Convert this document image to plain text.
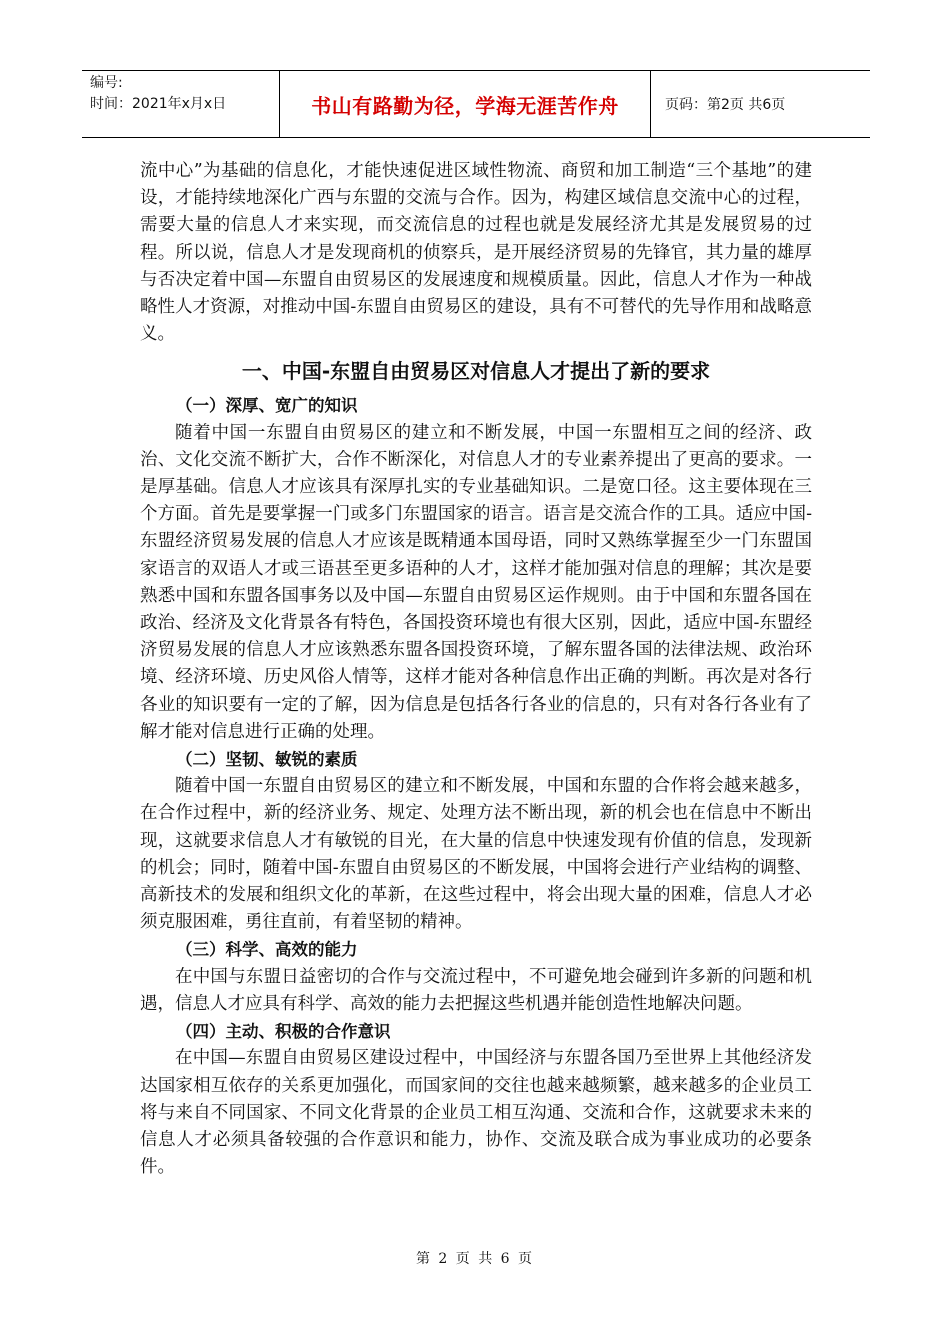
编号:
时间：2021年x月x日	书山有路勤为径，学海无涯苦作舟	页码：第2页 共6页

流中心”为基础的信息化，才能快速促进区域性物流、商贸和加工制造“三个基地”的建设，才能持续地深化广西与东盟的交流与合作。因为，构建区域信息交流中心的过程，需要大量的信息人才来实现，而交流信息的过程也就是发展经济尤其是发展贸易的过程。所以说，信息人才是发现商机的侦察兵，是开展经济贸易的先锋官，其力量的雄厚与否决定着中国—东盟自由贸易区的发展速度和规模质量。因此，信息人才作为一种战略性人才资源，对推动中国-东盟自由贸易区的建设，具有不可替代的先导作用和战略意义。

一、中国-东盟自由贸易区对信息人才提出了新的要求
（一）深厚、宽广的知识

随着中国一东盟自由贸易区的建立和不断发展，中国一东盟相互之间的经济、政治、文化交流不断扩大，合作不断深化，对信息人才的专业素养提出了更高的要求。一是厚基础。信息人才应该具有深厚扎实的专业基础知识。二是宽口径。这主要体现在三个方面。首先是要掌握一门或多门东盟国家的语言。语言是交流合作的工具。适应中国-东盟经济贸易发展的信息人才应该是既精通本国母语，同时又熟练掌握至少一门东盟国家语言的双语人才或三语甚至更多语种的人才，这样才能加强对信息的理解；其次是要熟悉中国和东盟各国事务以及中国—东盟自由贸易区运作规则。由于中国和东盟各国在政治、经济及文化背景各有特色，各国投资环境也有很大区别，因此，适应中国-东盟经济贸易发展的信息人才应该熟悉东盟各国投资环境，了解东盟各国的法律法规、政治环境、经济环境、历史风俗人情等，这样才能对各种信息作出正确的判断。再次是对各行各业的知识要有一定的了解，因为信息是包括各行各业的信息的，只有对各行各业有了解才能对信息进行正确的处理。

（二）坚韧、敏锐的素质

随着中国一东盟自由贸易区的建立和不断发展，中国和东盟的合作将会越来越多，在合作过程中，新的经济业务、规定、处理方法不断出现，新的机会也在信息中不断出现，这就要求信息人才有敏锐的目光，在大量的信息中快速发现有价值的信息，发现新的机会；同时，随着中国-东盟自由贸易区的不断发展，中国将会进行产业结构的调整、高新技术的发展和组织文化的革新，在这些过程中，将会出现大量的困难，信息人才必须克服困难，勇往直前，有着坚韧的精神。

（三）科学、高效的能力

在中国与东盟日益密切的合作与交流过程中，不可避免地会碰到许多新的问题和机遇，信息人才应具有科学、高效的能力去把握这些机遇并能创造性地解决问题。

（四）主动、积极的合作意识

在中国—东盟自由贸易区建设过程中，中国经济与东盟各国乃至世界上其他经济发达国家相互依存的关系更加强化，而国家间的交往也越来越频繁，越来越多的企业员工将与来自不同国家、不同文化背景的企业员工相互沟通、交流和合作，这就要求未来的信息人才必须具备较强的合作意识和能力，协作、交流及联合成为事业成功的必要条件。

第 2 页 共 6 页
